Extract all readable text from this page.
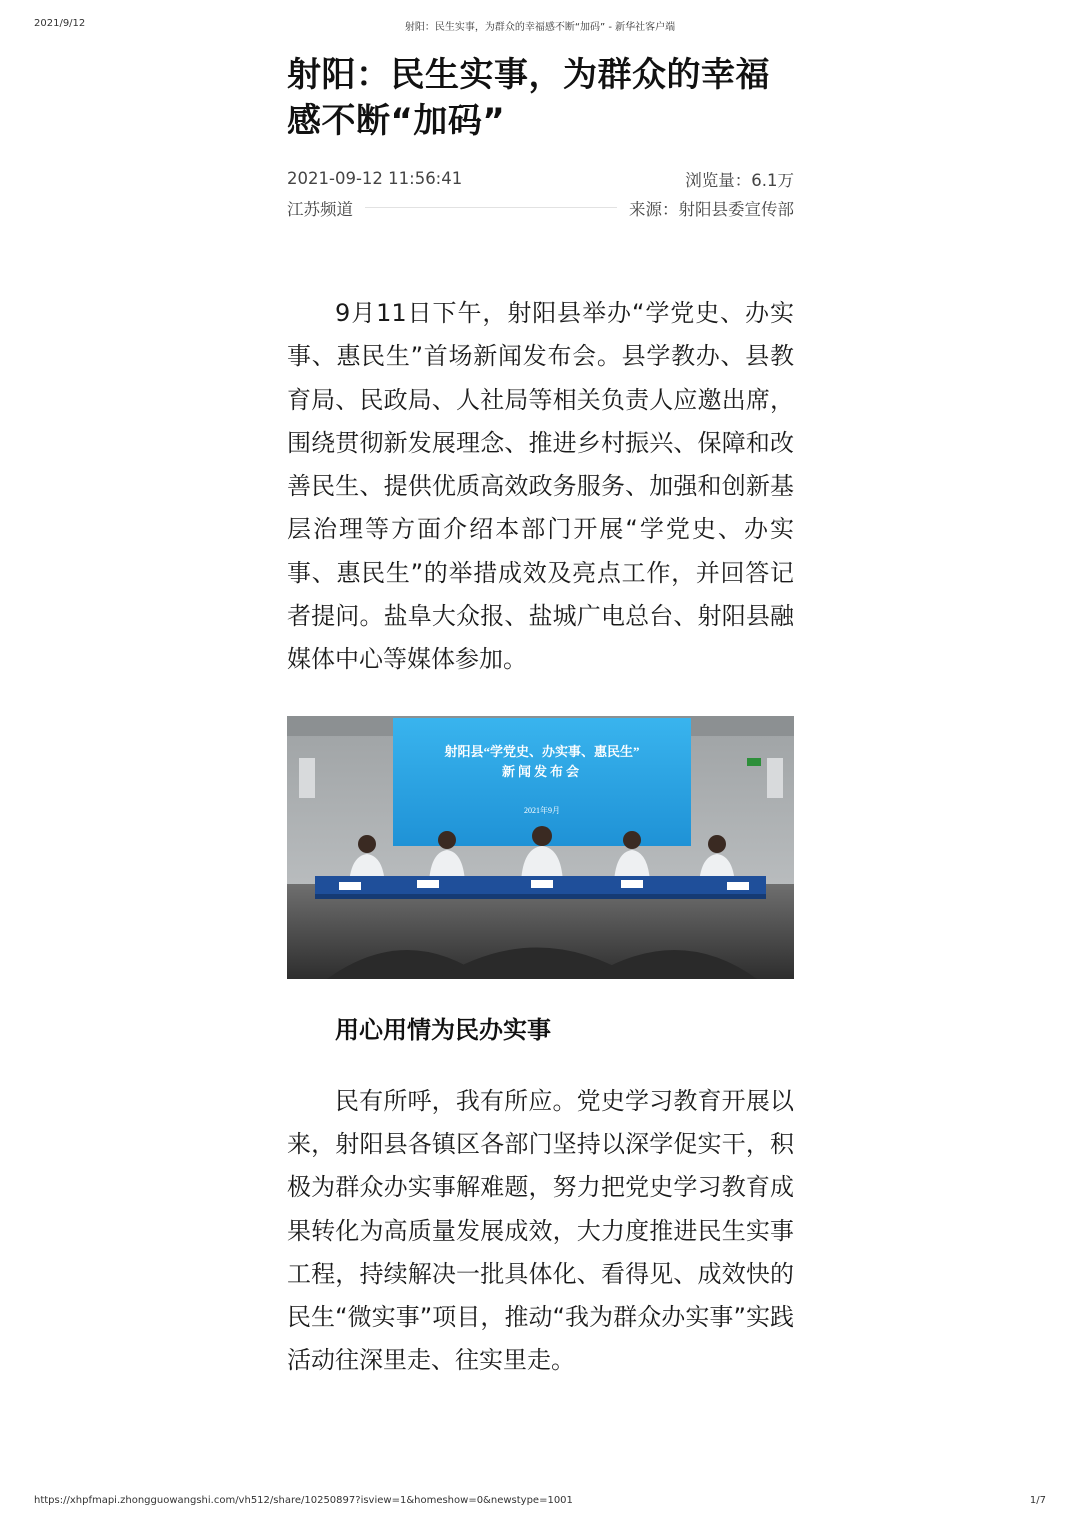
2021/9/12	射阳：民生实事，为群众的幸福感不断“加码” - 新华社客户端
射阳：民生实事，为群众的幸福
感不断“加码”
2021-09-12 11:56:41	浏览量：6.1万
江苏频道	来源：射阳县委宣传部

9月11日下午，射阳县举办“学党史、办实事、惠民生”首场新闻发布会。县学教办、县教育局、民政局、人社局等相关负责人应邀出席，围绕贯彻新发展理念、推进乡村振兴、保障和改善民生、提供优质高效政务服务、加强和创新基层治理等方面介绍本部门开展“学党史、办实事、惠民生”的举措成效及亮点工作，并回答记者提问。盐阜大众报、盐城广电总台、射阳县融媒体中心等媒体参加。

射阳县“学党史、办实事、惠民生”
新闻发布会
2021年9月
用心用情为民办实事

民有所呼，我有所应。党史学习教育开展以来，射阳县各镇区各部门坚持以深学促实干，积极为群众办实事解难题，努力把党史学习教育成果转化为高质量发展成效，大力度推进民生实事工程，持续解决一批具体化、看得见、成效快的民生“微实事”项目，推动“我为群众办实事”实践活动往深里走、往实里走。

https://xhpfmapi.zhongguowangshi.com/vh512/share/10250897?isview=1&homeshow=0&newstype=1001	1/7
